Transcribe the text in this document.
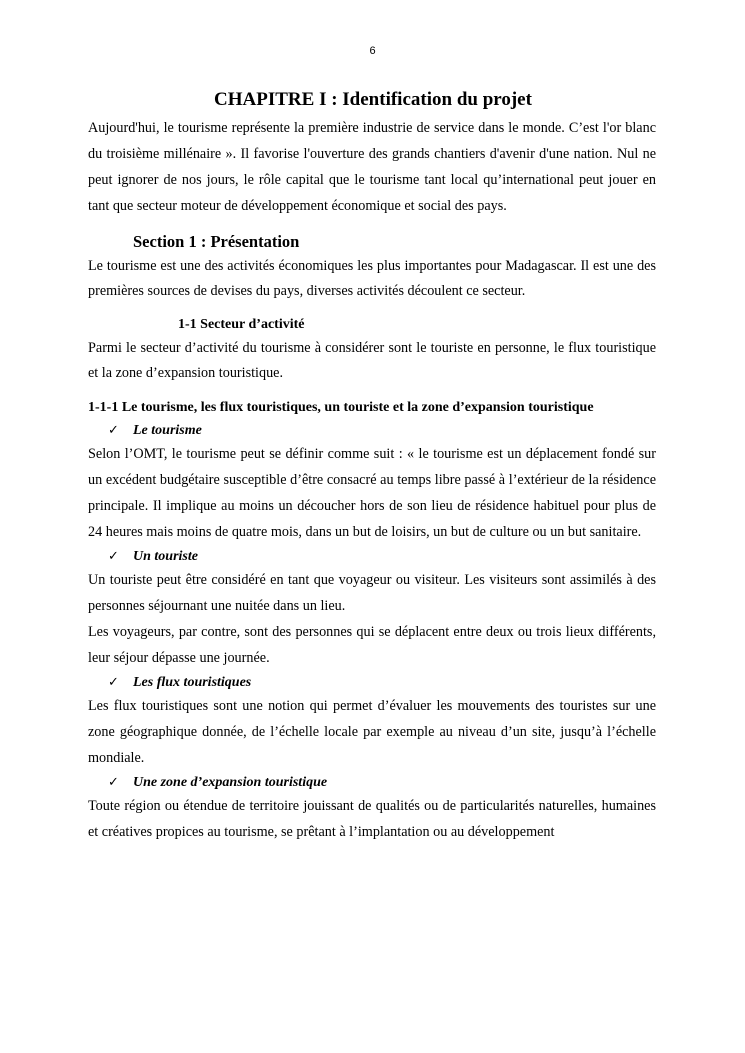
6
CHAPITRE I : Identification du projet

Aujourd'hui, le tourisme représente la première industrie de service dans le monde. C’est l'or blanc du troisième millénaire ». Il favorise l'ouverture des grands chantiers d'avenir d'une nation. Nul ne peut ignorer de nos jours, le rôle capital que le tourisme tant local qu’international peut jouer en tant que secteur moteur de développement économique et social des pays.

Section 1 : Présentation

Le tourisme est une des activités économiques les plus importantes pour Madagascar. Il est une des premières sources de devises du pays, diverses activités découlent ce secteur.

1-1 Secteur d’activité

Parmi le secteur d’activité du tourisme à considérer sont le touriste en personne, le flux touristique et la zone d’expansion touristique.

1-1-1 Le tourisme, les flux touristiques, un touriste et la zone d’expansion touristique
✓	Le tourisme

Selon l’OMT, le tourisme peut se définir comme suit : « le tourisme est un déplacement fondé sur un excédent budgétaire susceptible d’être consacré au temps libre passé à l’extérieur de la résidence principale. Il implique au moins un découcher hors de son lieu de résidence habituel pour plus de 24 heures mais moins de quatre mois, dans un but de loisirs, un but de culture ou un but sanitaire.

✓	Un touriste

Un touriste peut être considéré en tant que voyageur ou visiteur. Les visiteurs sont assimilés à des personnes séjournant une nuitée dans un lieu.

Les voyageurs, par contre, sont des personnes qui se déplacent entre deux ou trois lieux différents, leur séjour dépasse une journée.

✓	Les flux touristiques

Les flux touristiques sont une notion qui permet d’évaluer les mouvements des touristes sur une zone géographique donnée, de l’échelle locale par exemple au niveau d’un site, jusqu’à l’échelle mondiale.

✓	Une zone d’expansion touristique

Toute région ou étendue de territoire jouissant de qualités ou de particularités naturelles, humaines et créatives propices au tourisme, se prêtant à l’implantation ou au développement
